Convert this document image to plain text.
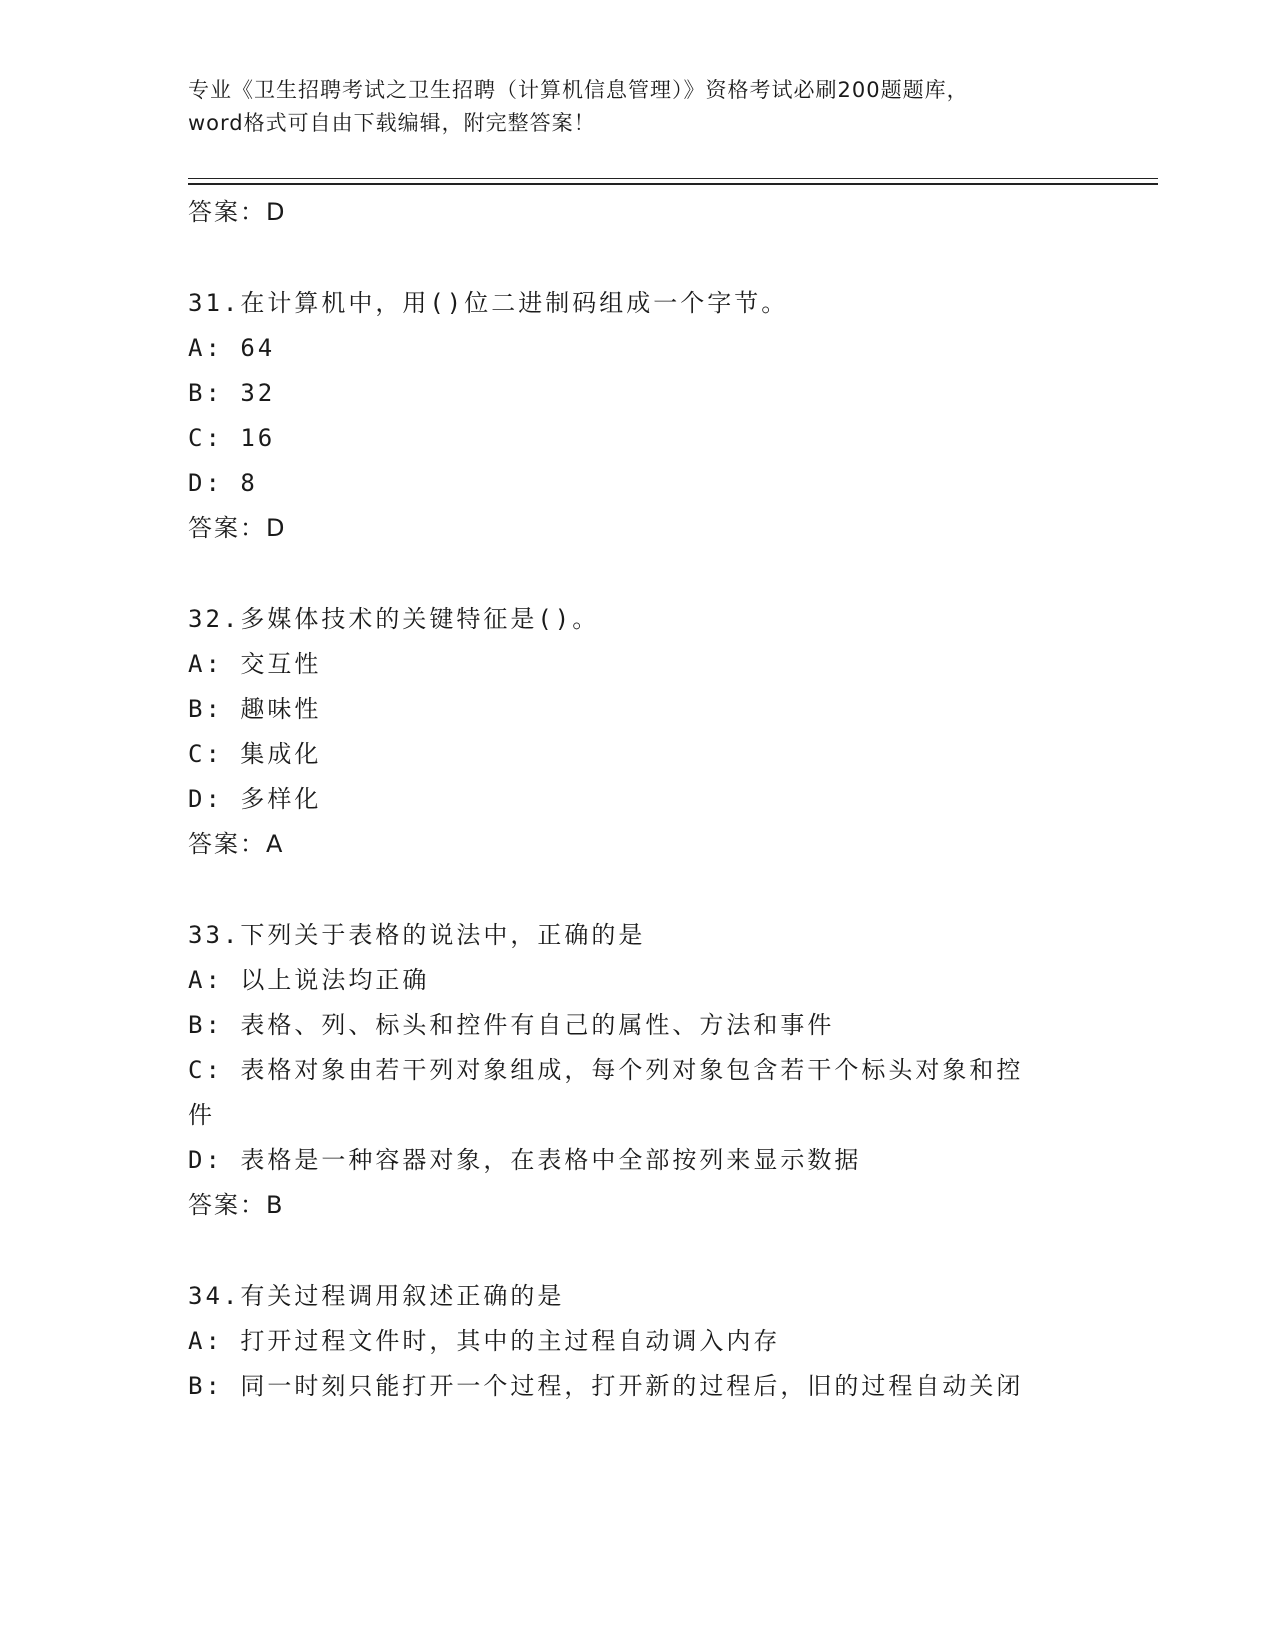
专业《卫生招聘考试之卫生招聘（计算机信息管理）》资格考试必刷200题题库，
word格式可自由下载编辑，附完整答案！
答案：D
31.在计算机中，用()位二进制码组成一个字节。
A: 64
B: 32
C: 16
D: 8
答案：D
32.多媒体技术的关键特征是()。
A: 交互性
B: 趣味性
C: 集成化
D: 多样化
答案：A
33.下列关于表格的说法中，正确的是
A: 以上说法均正确
B: 表格、列、标头和控件有自己的属性、方法和事件
C: 表格对象由若干列对象组成，每个列对象包含若干个标头对象和控
件
D: 表格是一种容器对象，在表格中全部按列来显示数据
答案：B
34.有关过程调用叙述正确的是
A: 打开过程文件时，其中的主过程自动调入内存
B: 同一时刻只能打开一个过程，打开新的过程后，旧的过程自动关闭
